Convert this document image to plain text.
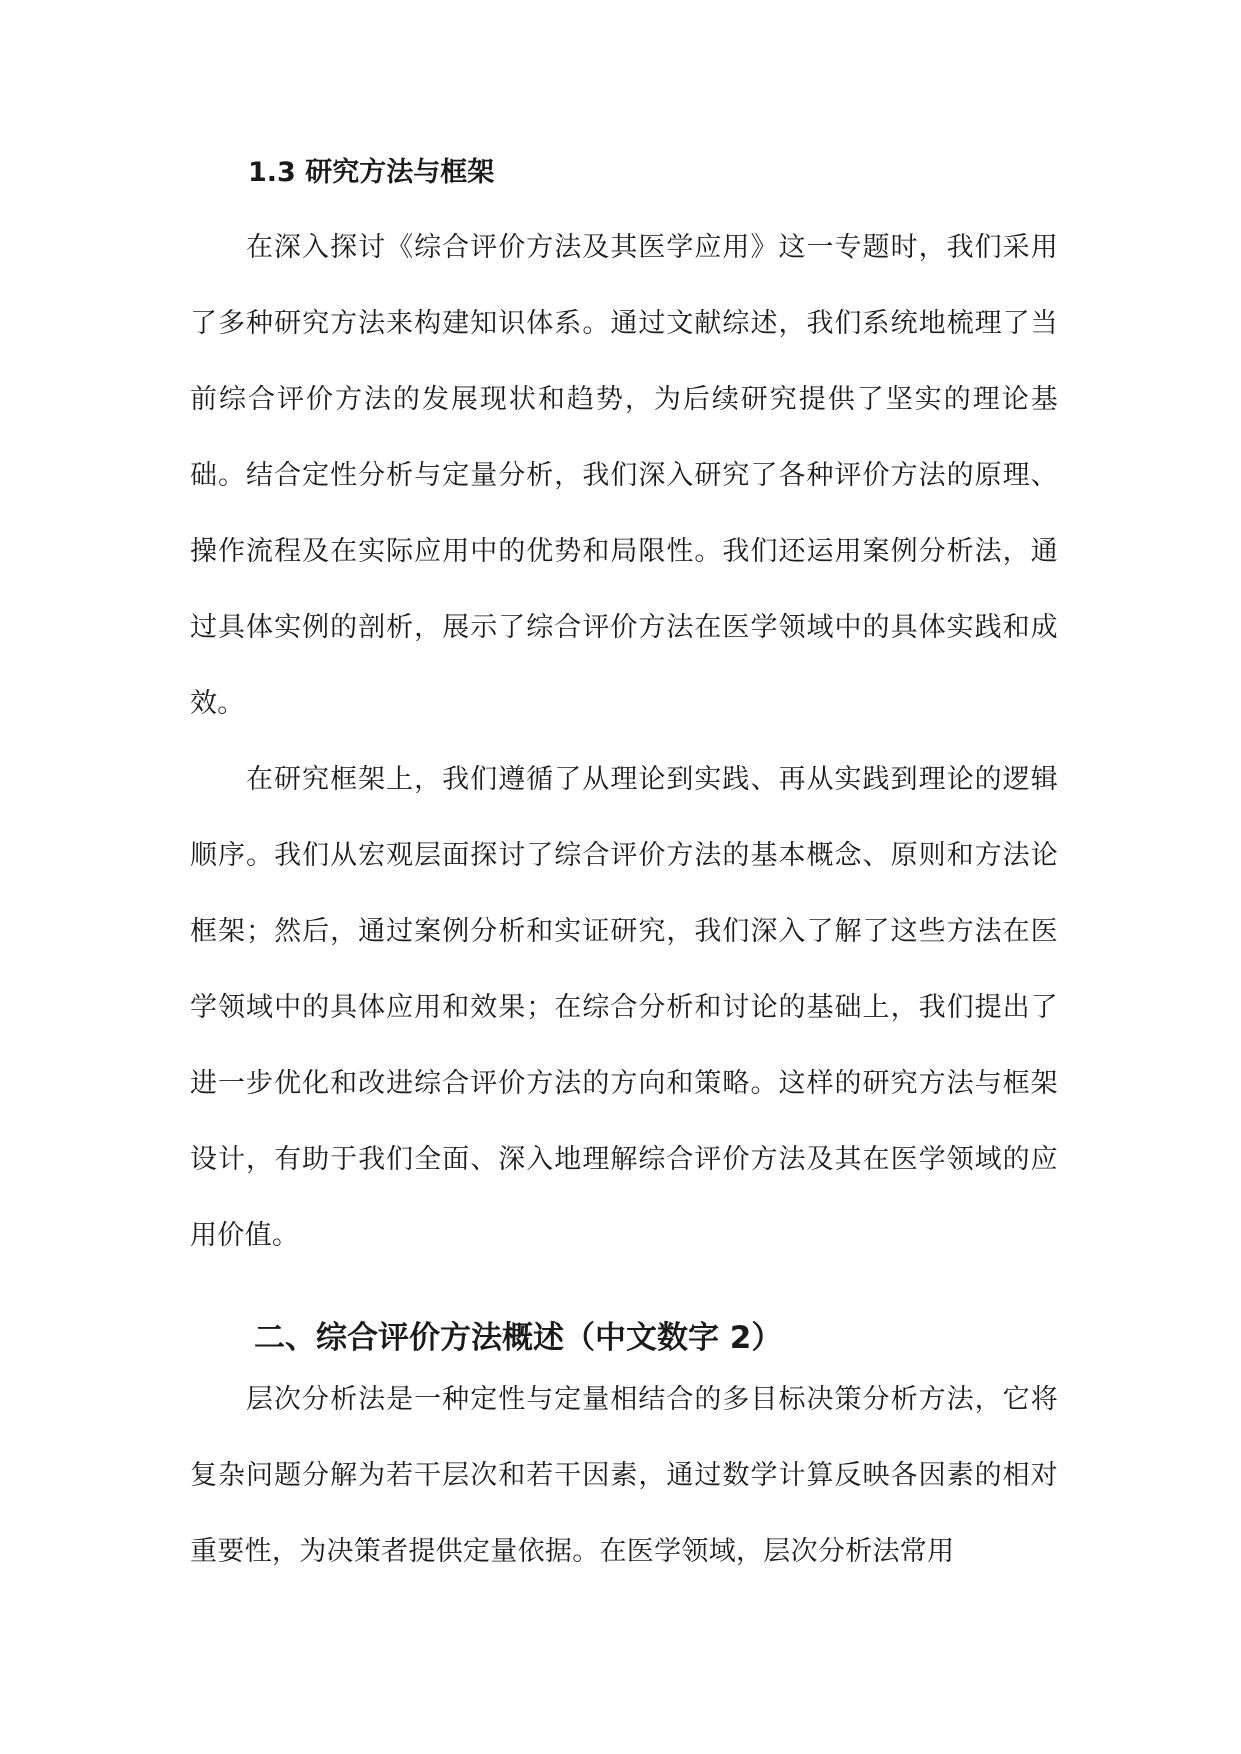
1.3 研究方法与框架

在深入探讨《综合评价方法及其医学应用》这一专题时，我们采用了多种研究方法来构建知识体系。通过文献综述，我们系统地梳理了当前综合评价方法的发展现状和趋势，为后续研究提供了坚实的理论基础。结合定性分析与定量分析，我们深入研究了各种评价方法的原理、操作流程及在实际应用中的优势和局限性。我们还运用案例分析法，通过具体实例的剖析，展示了综合评价方法在医学领域中的具体实践和成效。

在研究框架上，我们遵循了从理论到实践、再从实践到理论的逻辑顺序。我们从宏观层面探讨了综合评价方法的基本概念、原则和方法论框架；然后，通过案例分析和实证研究，我们深入了解了这些方法在医学领域中的具体应用和效果；在综合分析和讨论的基础上，我们提出了进一步优化和改进综合评价方法的方向和策略。这样的研究方法与框架设计，有助于我们全面、深入地理解综合评价方法及其在医学领域的应用价值。

二、综合评价方法概述（中文数字 2）

层次分析法是一种定性与定量相结合的多目标决策分析方法，它将复杂问题分解为若干层次和若干因素，通过数学计算反映各因素的相对重要性，为决策者提供定量依据。在医学领域，层次分析法常用
